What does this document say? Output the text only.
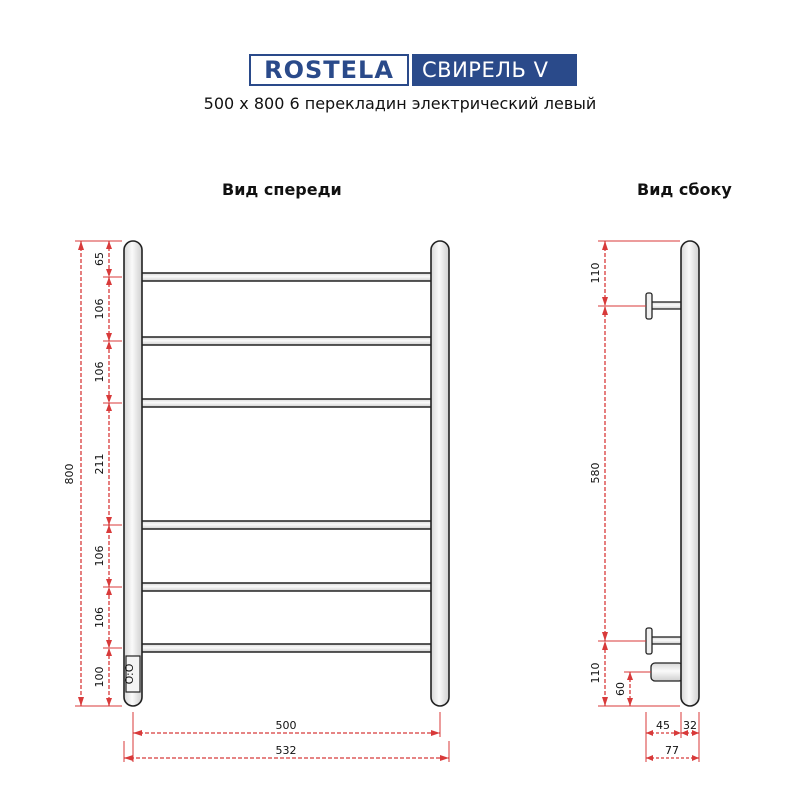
ROSTELA СВИРЕЛЬ V
500 x 800 6 перекладин электрический левый
Вид спереди	Вид сбоку
O:O
65
106
106
211
106
106
100
800
500
532
110
580
110
60
45 32
77
